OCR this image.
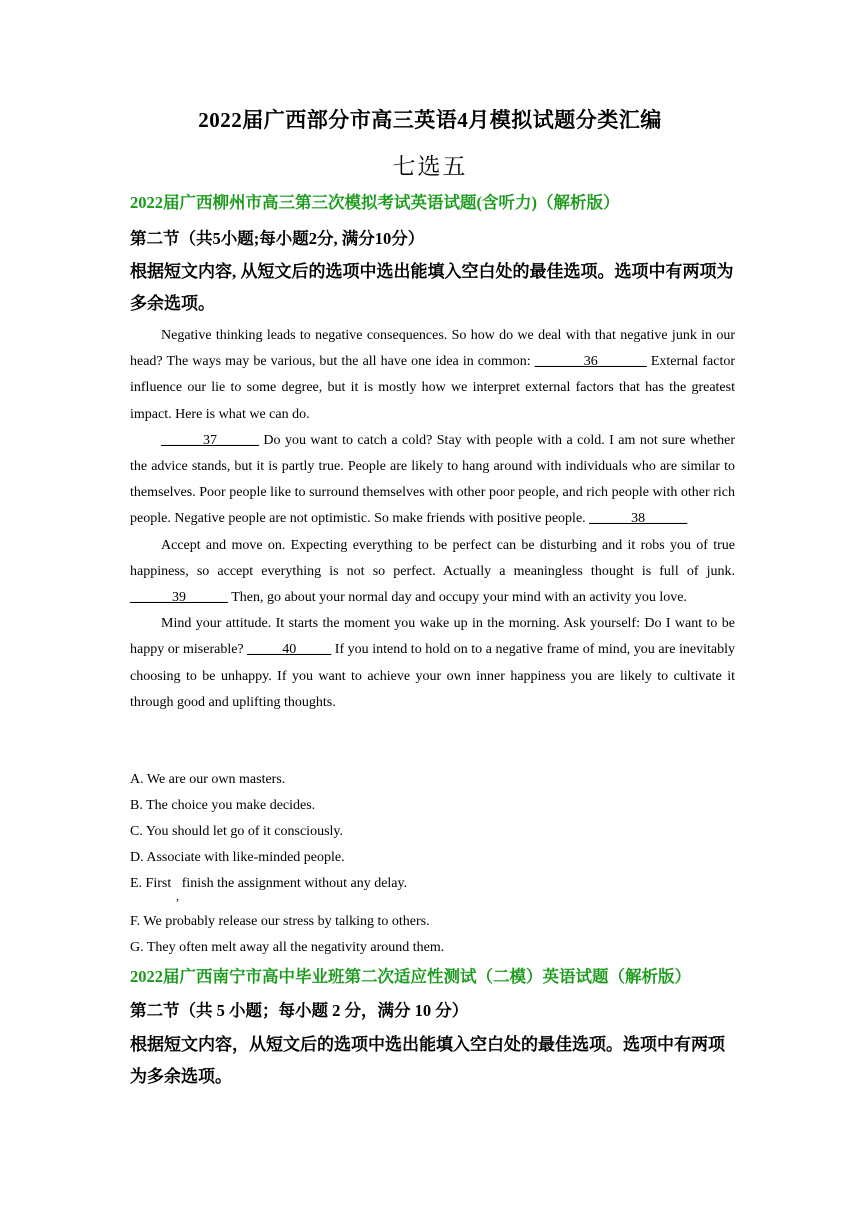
2022届广西部分市高三英语4月模拟试题分类汇编
七选五
2022届广西柳州市高三第三次模拟考试英语试题(含听力)（解析版）
第二节（共5小题;每小题2分, 满分10分）
根据短文内容, 从短文后的选项中选出能填入空白处的最佳选项。选项中有两项为多余选项。

Negative thinking leads to negative consequences. So how do we deal with that negative junk in our head? The ways may be various, but the all have one idea in common: _______36_______ External factor influence our lie to some degree, but it is mostly how we interpret external factors that has the greatest impact. Here is what we can do.

______37______ Do you want to catch a cold? Stay with people with a cold. I am not sure whether the advice stands, but it is partly true. People are likely to hang around with individuals who are similar to themselves. Poor people like to surround themselves with other poor people, and rich people with other rich people. Negative people are not optimistic. So make friends with positive people. ______38______

Accept and move on. Expecting everything to be perfect can be disturbing and it robs you of true happiness, so accept everything is not so perfect. Actually a meaningless thought is full of junk. ______39______ Then, go about your normal day and occupy your mind with an activity you love.

Mind your attitude. It starts the moment you wake up in the morning. Ask yourself: Do I want to be happy or miserable? _____40_____ If you intend to hold on to a negative frame of mind, you are inevitably choosing to be unhappy. If you want to achieve your own inner happiness you are likely to cultivate it through good and uplifting thoughts.

A. We are our own masters.
B. The choice you make decides.
C. You should let go of it consciously.
D. Associate with like-minded people.
E. First   finish the assignment without any delay.
,
F. We probably release our stress by talking to others.
G. They often melt away all the negativity around them.
2022届广西南宁市高中毕业班第二次适应性测试（二模）英语试题（解析版）
第二节（共 5 小题；每小题 2 分，满分 10 分）
根据短文内容，从短文后的选项中选出能填入空白处的最佳选项。选项中有两项为多余选项。
